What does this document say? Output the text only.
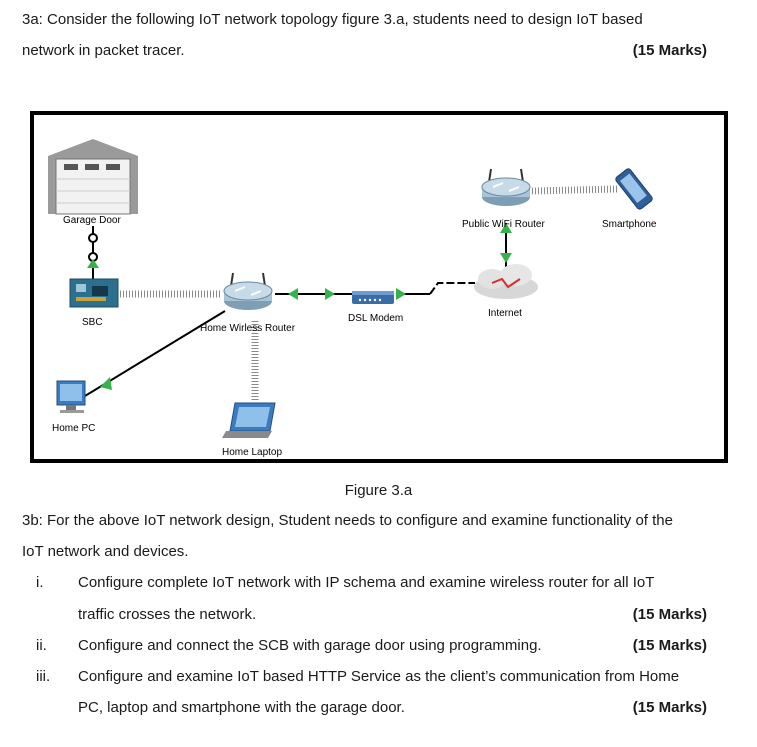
3a: Consider the following IoT network topology figure 3.a, students need to design IoT based
network in packet tracer.	(15 Marks)
Garage Door
SBC
Home Wirless Router
DSL Modem	Internet
Public WiFi Router	Smartphone
Home PC
Home Laptop
Figure 3.a
3b: For the above IoT network design, Student needs to configure and examine functionality of the
IoT network and devices.
i. Configure complete IoT network with IP schema and examine wireless router for all IoT
traffic crosses the network.	(15 Marks)
ii. Configure and connect the SCB with garage door using programming.	(15 Marks)
iii. Configure and examine IoT based HTTP Service as the client’s communication from Home
PC, laptop and smartphone with the garage door.	(15 Marks)
